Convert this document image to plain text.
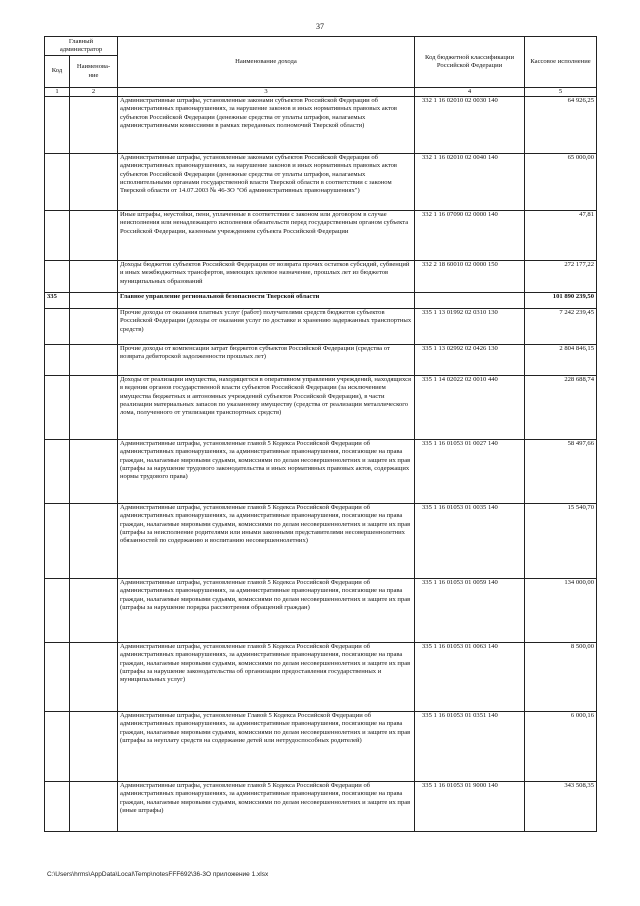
37
Главный администратор		Наименование дохода	Код бюджетной классификации Российской Федерации	Кассовое исполнение
Код	Наименова-ние			
1	2	3	4	5
		Административные штрафы, установленные законами субъектов Российской Федерации об административных правонарушениях, за нарушение законов и иных нормативных правовых актов субъектов Российской Федерации (денежные средства от уплаты штрафов, налагаемых административными комиссиями в рамках переданных полномочий Тверской области)	332 1 16 02010 02 0030 140	64 926,25
		Административные штрафы, установленные законами субъектов Российской Федерации об административных правонарушениях, за нарушение законов и иных нормативных правовых актов субъектов Российской Федерации (денежные средства от уплаты штрафов, налагаемых исполнительными органами государственной власти Тверской области в соответствии с законом Тверской области от 14.07.2003 № 46-ЗО "Об административных правонарушениях")	332 1 16 02010 02 0040 140	65 000,00
		Иные штрафы, неустойки, пени, уплаченные в соответствии с законом или договором в случае неисполнения или ненадлежащего исполнения обязательств перед государственным органом субъекта Российской Федерации, казенным учреждением субъекта Российской Федерации	332 1 16 07090 02 0000 140	47,81
		Доходы бюджетов субъектов Российской Федерации от возврата прочих остатков субсидий, субвенций и иных межбюджетных трансфертов, имеющих целевое назначение, прошлых лет из бюджетов муниципальных образований	332 2 18 60010 02 0000 150	272 177,22
335		Главное управление региональной безопасности Тверской области		101 890 239,50
		Прочие доходы от оказания платных услуг (работ) получателями средств бюджетов субъектов Российской Федерации (доходы от оказания услуг по доставке и хранению задержанных транспортных средств)	335 1 13 01992 02 0310 130	7 242 239,45
		Прочие доходы от компенсации затрат бюджетов субъектов Российской Федерации (средства от возврата дебиторской задолженности прошлых лет)	335 1 13 02992 02 0426 130	2 804 846,15
		Доходы от реализации имущества, находящегося в оперативном управлении учреждений, находящихся в ведении органов государственной власти субъектов Российской Федерации (за исключением имущества бюджетных и автономных учреждений субъектов Российской Федерации), в части реализации материальных запасов по указанному имуществу (средства от реализации металлического лома, полученного от утилизации транспортных средств)	335 1 14 02022 02 0010 440	228 688,74
		Административные штрафы, установленные главой 5 Кодекса Российской Федерации об административных правонарушениях, за административные правонарушения, посягающие на права граждан, налагаемые мировыми судьями, комиссиями по делам несовершеннолетних и защите их прав (штрафы за нарушение трудового законодательства и иных нормативных правовых актов, содержащих нормы трудового права)	335 1 16 01053 01 0027 140	58 497,66
		Административные штрафы, установленные главой 5 Кодекса Российской Федерации об административных правонарушениях, за административные правонарушения, посягающие на права граждан, налагаемые мировыми судьями, комиссиями по делам несовершеннолетних и защите их прав (штрафы за неисполнение родителями или иными законными представителями несовершеннолетних обязанностей по содержанию и воспитанию несовершеннолетних)	335 1 16 01053 01 0035 140	15 540,70
		Административные штрафы, установленные главой 5 Кодекса Российской Федерации об административных правонарушениях, за административные правонарушения, посягающие на права граждан, налагаемые мировыми судьями, комиссиями по делам несовершеннолетних и защите их прав (штрафы за нарушение порядка рассмотрения обращений граждан)	335 1 16 01053 01 0059 140	134 000,00
		Административные штрафы, установленные главой 5 Кодекса Российской Федерации об административных правонарушениях, за административные правонарушения, посягающие на права граждан, налагаемые мировыми судьями, комиссиями по делам несовершеннолетних и защите их прав (штрафы за нарушение законодательства об организации предоставления государственных и муниципальных услуг)	335 1 16 01053 01 0063 140	8 500,00
		Административные штрафы, установленные Главой 5 Кодекса Российской Федерации об административных правонарушениях, за административные правонарушения, посягающие на права граждан, налагаемые мировыми судьями, комиссиями по делам несовершеннолетних и защите их прав (штрафы за неуплату средств на содержание детей или нетрудоспособных родителей)	335 1 16 01053 01 0351 140	6 000,16
		Административные штрафы, установленные главой 5 Кодекса Российской Федерации об административных правонарушениях, за административные правонарушения, посягающие на права граждан, налагаемые мировыми судьями, комиссиями по делам несовершеннолетних и защите их прав (иные штрафы)	335 1 16 01053 01 9000 140	343 508,35
C:\Users\hrms\AppData\Local\Temp\notesFFF692\36-3О приложение 1.xlsx
